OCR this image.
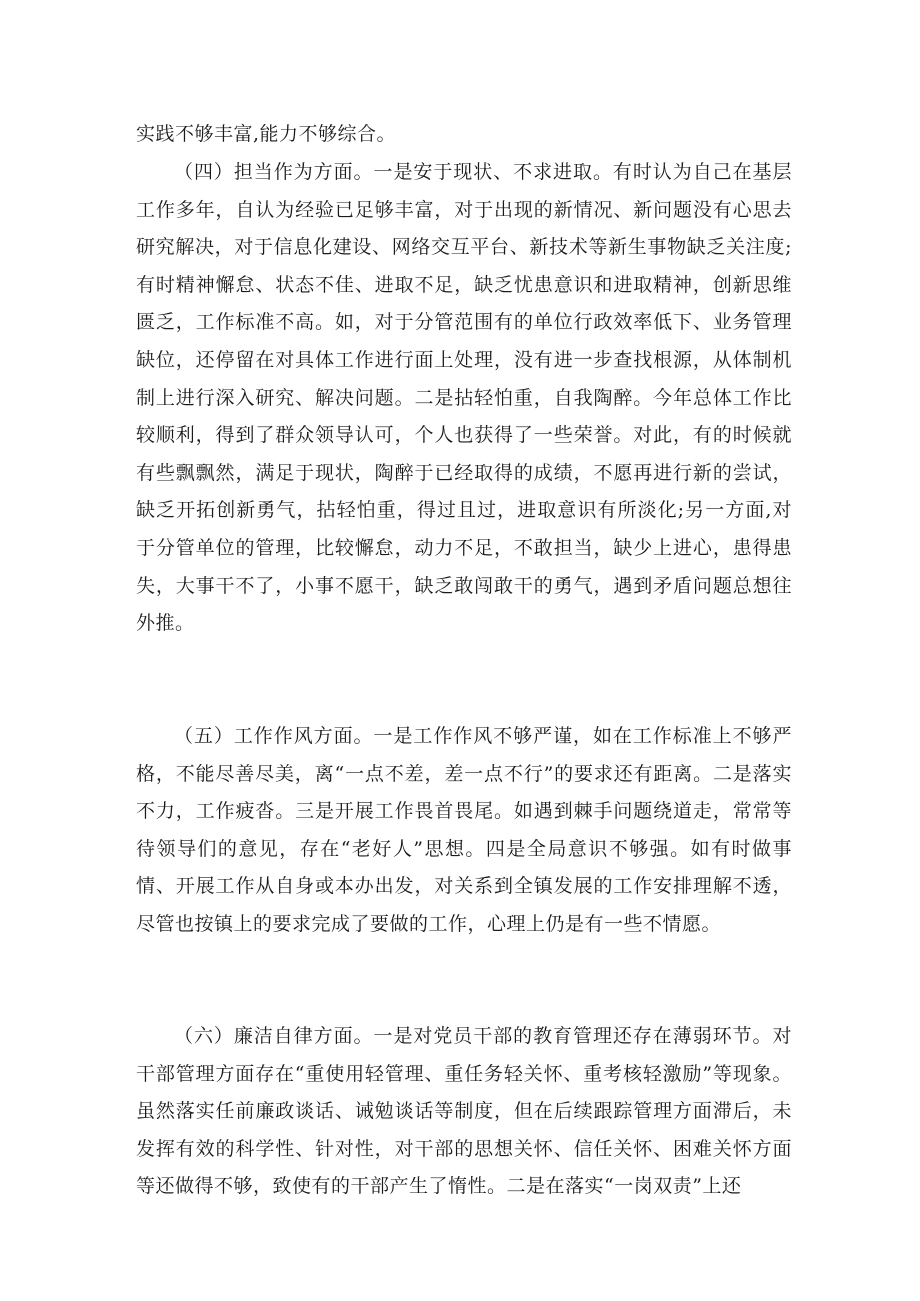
实践不够丰富,能力不够综合。

（四）担当作为方面。一是安于现状、不求进取。有时认为自己在基层工作多年，自认为经验已足够丰富，对于出现的新情况、新问题没有心思去研究解决，对于信息化建设、网络交互平台、新技术等新生事物缺乏关注度;有时精神懈怠、状态不佳、进取不足，缺乏忧患意识和进取精神，创新思维匮乏，工作标准不高。如，对于分管范围有的单位行政效率低下、业务管理缺位，还停留在对具体工作进行面上处理，没有进一步查找根源，从体制机制上进行深入研究、解决问题。二是拈轻怕重，自我陶醉。今年总体工作比较顺利，得到了群众领导认可，个人也获得了一些荣誉。对此，有的时候就有些飘飘然，满足于现状，陶醉于已经取得的成绩，不愿再进行新的尝试，缺乏开拓创新勇气，拈轻怕重，得过且过，进取意识有所淡化;另一方面,对于分管单位的管理，比较懈怠，动力不足，不敢担当，缺少上进心，患得患失，大事干不了，小事不愿干，缺乏敢闯敢干的勇气，遇到矛盾问题总想往外推。

（五）工作作风方面。一是工作作风不够严谨，如在工作标准上不够严格，不能尽善尽美，离“一点不差，差一点不行”的要求还有距离。二是落实不力，工作疲沓。三是开展工作畏首畏尾。如遇到棘手问题绕道走，常常等待领导们的意见，存在“老好人”思想。四是全局意识不够强。如有时做事情、开展工作从自身或本办出发，对关系到全镇发展的工作安排理解不透，尽管也按镇上的要求完成了要做的工作，心理上仍是有一些不情愿。

（六）廉洁自律方面。一是对党员干部的教育管理还存在薄弱环节。对干部管理方面存在“重使用轻管理、重任务轻关怀、重考核轻激励”等现象。虽然落实任前廉政谈话、诫勉谈话等制度，但在后续跟踪管理方面滞后，未发挥有效的科学性、针对性，对干部的思想关怀、信任关怀、困难关怀方面等还做得不够，致使有的干部产生了惰性。二是在落实“一岗双责”上还
